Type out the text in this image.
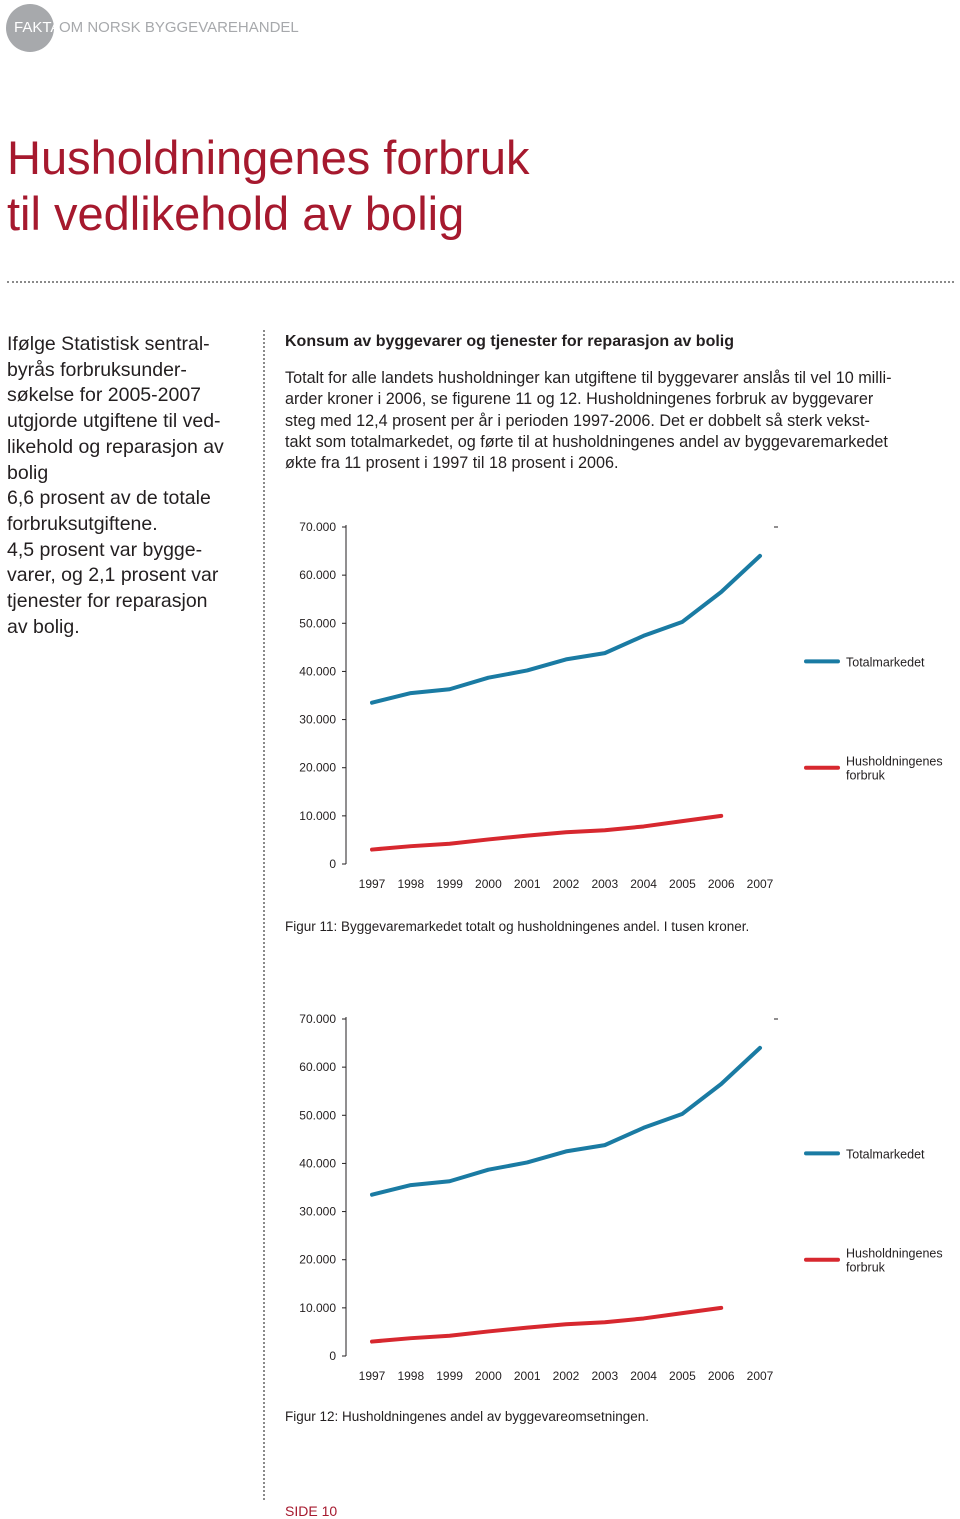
FAKTA
OM NORSK BYGGEVAREHANDEL
Husholdningenes forbruk
til vedlikehold av bolig
Ifølge Statistisk sentral-
byrås forbruksunder-
søkelse for 2005-2007
utgjorde utgiftene til ved-
likehold og reparasjon av
bolig
6,6 prosent av de totale
forbruksutgiftene.
4,5 prosent var bygge-
varer, og 2,1 prosent var
tjenester for reparasjon
av bolig.
Konsum av byggevarer og tjenester for reparasjon av bolig
Totalt for alle landets husholdninger kan utgiftene til byggevarer anslås til vel 10 milli-
arder kroner i 2006, se figurene 11 og 12. Husholdningenes forbruk av byggevarer
steg med 12,4 prosent per år i perioden 1997-2006. Det er dobbelt så sterk vekst-
takt som totalmarkedet, og førte til at husholdningenes andel av byggevaremarkedet
økte fra 11 prosent i 1997 til 18 prosent i 2006.
70.000
60.000
50.000
40.000
30.000
20.000
10.000
0
1997 1998 1999 2000 2001 2002 2003 2004 2005 2006 2007
Totalmarkedet
Husholdningenes
forbruk

Figur 11: Byggevaremarkedet totalt og husholdningenes andel. I tusen kroner.

70.000
60.000
50.000
40.000
30.000
20.000
10.000
0
1997 1998 1999 2000 2001 2002 2003 2004 2005 2006 2007
Totalmarkedet
Husholdningenes
forbruk

Figur 12: Husholdningenes andel av byggevareomsetningen.

SIDE 10
